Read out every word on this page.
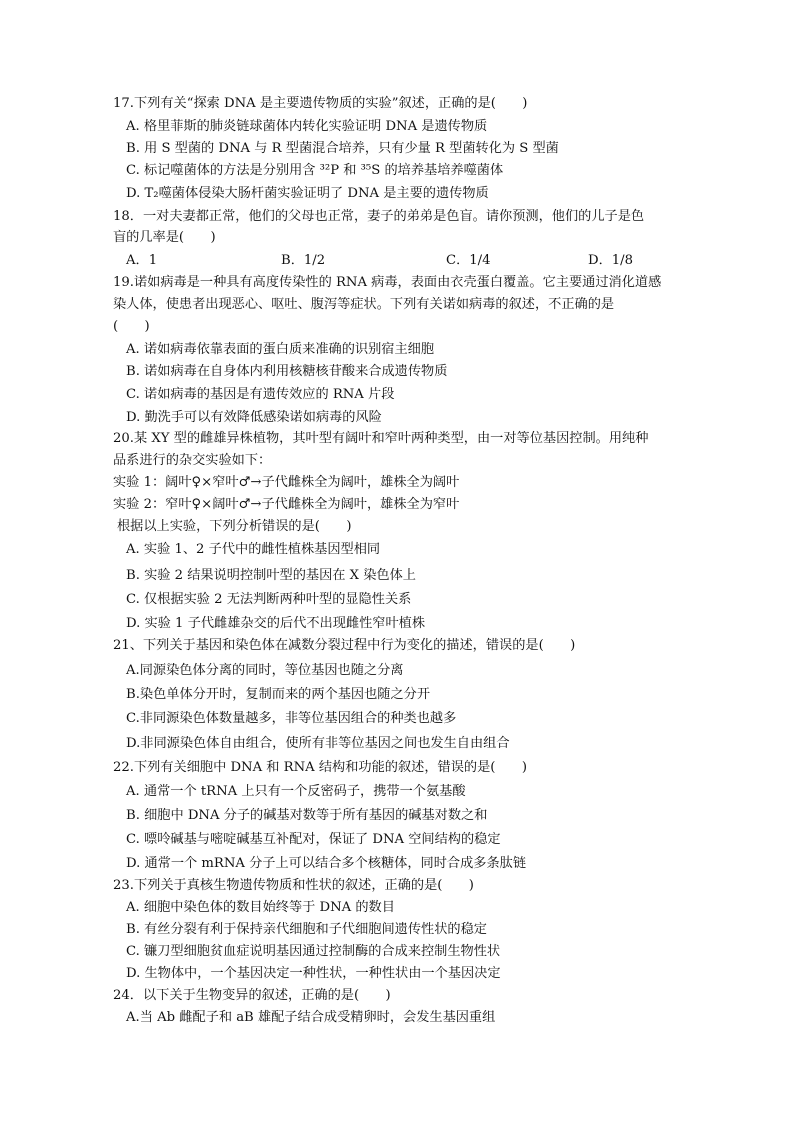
17.下列有关“探索 DNA 是主要遗传物质的实验”叙述，正确的是(　　)
A. 格里菲斯的肺炎链球菌体内转化实验证明 DNA 是遗传物质
B. 用 S 型菌的 DNA 与 R 型菌混合培养，只有少量 R 型菌转化为 S 型菌
C. 标记噬菌体的方法是分别用含 ³²P 和 ³⁵S 的培养基培养噬菌体
D. T₂噬菌体侵染大肠杆菌实验证明了 DNA 是主要的遗传物质
18．一对夫妻都正常，他们的父母也正常，妻子的弟弟是色盲。请你预测，他们的儿子是色
盲的几率是(　　)
A．1	B．1/2	C．1/4	D．1/8
19.诺如病毒是一种具有高度传染性的 RNA 病毒，表面由衣壳蛋白覆盖。它主要通过消化道感
染人体，使患者出现恶心、呕吐、腹泻等症状。下列有关诺如病毒的叙述，不正确的是
(　　)
A. 诺如病毒依靠表面的蛋白质来准确的识别宿主细胞
B. 诺如病毒在自身体内利用核糖核苷酸来合成遗传物质
C. 诺如病毒的基因是有遗传效应的 RNA 片段
D. 勤洗手可以有效降低感染诺如病毒的风险
20.某 XY 型的雌雄异株植物，其叶型有阔叶和窄叶两种类型，由一对等位基因控制。用纯种
品系进行的杂交实验如下：
实验 1：阔叶♀×窄叶♂→子代雌株全为阔叶，雄株全为阔叶
实验 2：窄叶♀×阔叶♂→子代雌株全为阔叶，雄株全为窄叶
根据以上实验，下列分析错误的是(　　)
A. 实验 1、2 子代中的雌性植株基因型相同
B. 实验 2 结果说明控制叶型的基因在 X 染色体上
C. 仅根据实验 2 无法判断两种叶型的显隐性关系
D. 实验 1 子代雌雄杂交的后代不出现雌性窄叶植株
21、下列关于基因和染色体在减数分裂过程中行为变化的描述，错误的是(　　)
A.同源染色体分离的同时，等位基因也随之分离
B.染色单体分开时，复制而来的两个基因也随之分开
C.非同源染色体数量越多，非等位基因组合的种类也越多
D.非同源染色体自由组合，使所有非等位基因之间也发生自由组合
22.下列有关细胞中 DNA 和 RNA 结构和功能的叙述，错误的是(　　)
A. 通常一个 tRNA 上只有一个反密码子，携带一个氨基酸
B. 细胞中 DNA 分子的碱基对数等于所有基因的碱基对数之和
C. 嘌呤碱基与嘧啶碱基互补配对，保证了 DNA 空间结构的稳定
D. 通常一个 mRNA 分子上可以结合多个核糖体，同时合成多条肽链
23.下列关于真核生物遗传物质和性状的叙述，正确的是(　　)
A. 细胞中染色体的数目始终等于 DNA 的数目
B. 有丝分裂有利于保持亲代细胞和子代细胞间遗传性状的稳定
C. 镰刀型细胞贫血症说明基因通过控制酶的合成来控制生物性状
D. 生物体中，一个基因决定一种性状，一种性状由一个基因决定
24．以下关于生物变异的叙述，正确的是(　　)
A.当 Ab 雌配子和 aB 雄配子结合成受精卵时，会发生基因重组
